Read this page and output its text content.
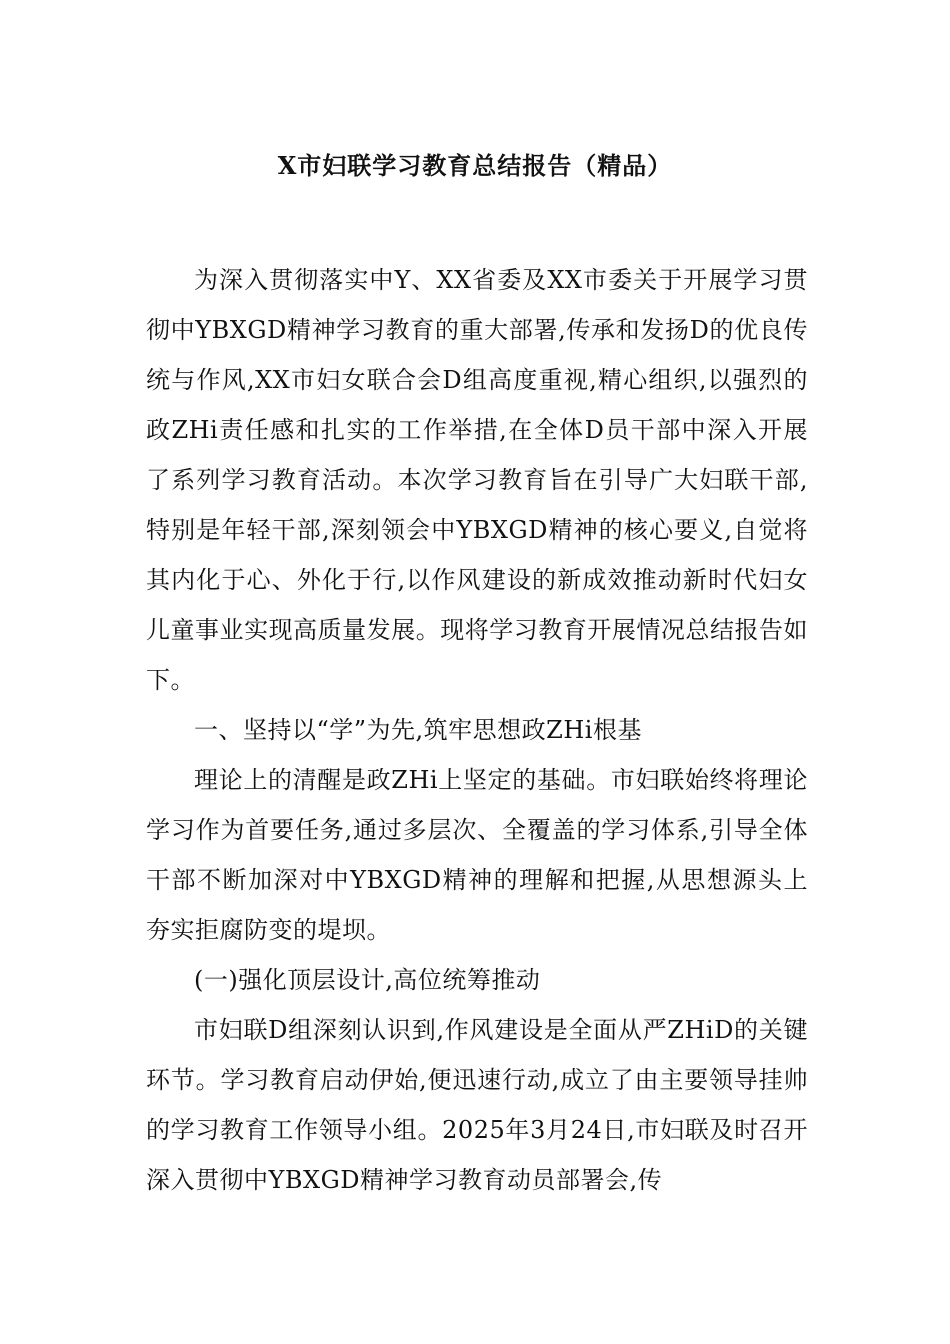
X市妇联学习教育总结报告（精品）

为深入贯彻落实中Y、XX省委及XX市委关于开展学习贯彻中YBXGD精神学习教育的重大部署,传承和发扬D的优良传统与作风,XX市妇女联合会D组高度重视,精心组织,以强烈的政ZHi责任感和扎实的工作举措,在全体D员干部中深入开展了系列学习教育活动。本次学习教育旨在引导广大妇联干部,特别是年轻干部,深刻领会中YBXGD精神的核心要义,自觉将其内化于心、外化于行,以作风建设的新成效推动新时代妇女儿童事业实现高质量发展。现将学习教育开展情况总结报告如下。

一、坚持以“学”为先,筑牢思想政ZHi根基

理论上的清醒是政ZHi上坚定的基础。市妇联始终将理论学习作为首要任务,通过多层次、全覆盖的学习体系,引导全体干部不断加深对中YBXGD精神的理解和把握,从思想源头上夯实拒腐防变的堤坝。

(一)强化顶层设计,高位统筹推动

市妇联D组深刻认识到,作风建设是全面从严ZHiD的关键环节。学习教育启动伊始,便迅速行动,成立了由主要领导挂帅的学习教育工作领导小组。2025年3月24日,市妇联及时召开深入贯彻中YBXGD精神学习教育动员部署会,传
